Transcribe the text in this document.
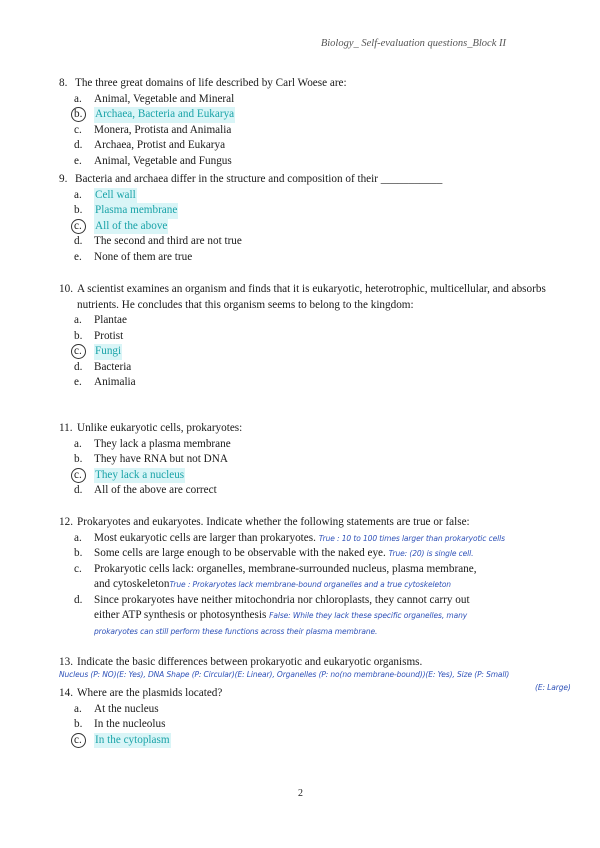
Biology_ Self-evaluation questions_Block II
8. The three great domains of life described by Carl Woese are:
a.	Animal, Vegetable and Mineral
b.	Archaea, Bacteria and Eukarya
c.	Monera, Protista and Animalia
d.	Archaea, Protist and Eukarya
e.	Animal, Vegetable and Fungus
9. Bacteria and archaea differ in the structure and composition of their ___________
a.	Cell wall
b.	Plasma membrane
c.	All of the above
d.	The second and third are not true
e.	None of them are true
10. A scientist examines an organism and finds that it is eukaryotic, heterotrophic, multicellular, and absorbs nutrients. He concludes that this organism seems to belong to the kingdom:
a.	Plantae
b.	Protist
c.	Fungi
d.	Bacteria
e.	Animalia
11. Unlike eukaryotic cells, prokaryotes:
a.	They lack a plasma membrane
b.	They have RNA but not DNA
c.	They lack a nucleus
d.	All of the above are correct
12. Prokaryotes and eukaryotes. Indicate whether the following statements are true or false:
a.	Most eukaryotic cells are larger than prokaryotes.
True : 10 to 100 times larger than prokaryotic cells
b.	Some cells are large enough to be observable with the naked eye.
True: (20) is single cell.
c.	Prokaryotic cells lack: organelles, membrane-surrounded nucleus, plasma membrane,
and cytoskeleton True : Prokaryotes lack membrane-bound organelles and a true cytoskeleton
d.	Since prokaryotes have neither mitochondria nor chloroplasts, they cannot carry out
either ATP synthesis or photosynthesis
False: While they lack these specific organelles, many
prokaryotes can still perform these functions across their plasma membrane.
13. Indicate the basic differences between prokaryotic and eukaryotic organisms.
Nucleus (P: NO)(E: Yes), DNA Shape (P: Circular)(E: Linear), Organelles (P: no(no membrane-bound))(E: Yes), Size (P: Small)
(E: Large)
14. Where are the plasmids located?
a.	At the nucleus
b.	In the nucleolus
c.	In the cytoplasm
2
